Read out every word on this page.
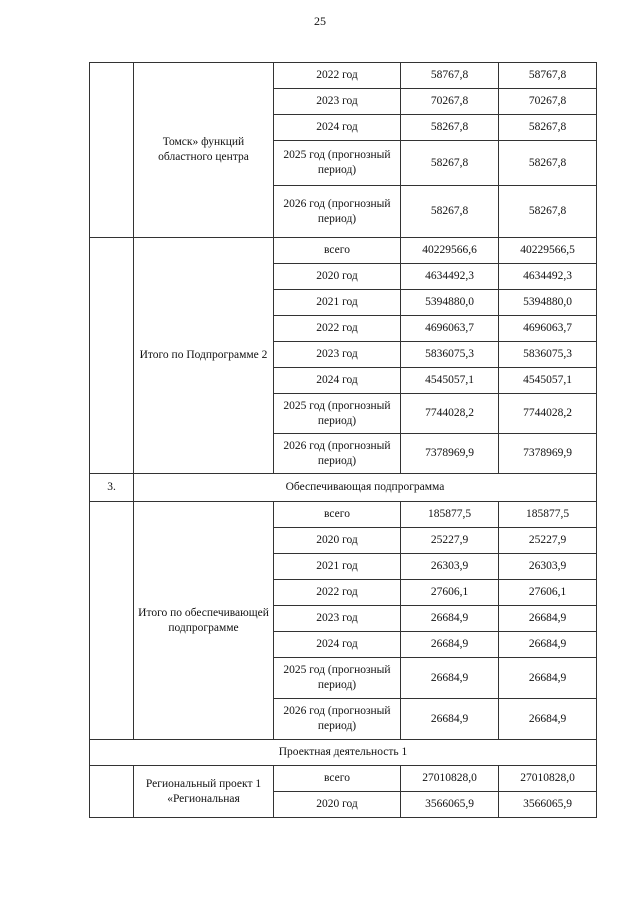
25
	Томск» функций областного центра	2022 год	58767,8	58767,8
		2023 год	70267,8	70267,8
		2024 год	58267,8	58267,8
		2025 год (прогнозный период)	58267,8	58267,8
		2026 год (прогнозный период)	58267,8	58267,8
	Итого по Подпрограмме 2	всего	40229566,6	40229566,5
		2020 год	4634492,3	4634492,3
		2021 год	5394880,0	5394880,0
		2022 год	4696063,7	4696063,7
		2023 год	5836075,3	5836075,3
		2024 год	4545057,1	4545057,1
		2025 год (прогнозный период)	7744028,2	7744028,2
		2026 год (прогнозный период)	7378969,9	7378969,9
3.	Обеспечивающая подпрограмма			
	Итого по обеспечивающей подпрограмме	всего	185877,5	185877,5
		2020 год	25227,9	25227,9
		2021 год	26303,9	26303,9
		2022 год	27606,1	27606,1
		2023 год	26684,9	26684,9
		2024 год	26684,9	26684,9
		2025 год (прогнозный период)	26684,9	26684,9
		2026 год (прогнозный период)	26684,9	26684,9
Проектная деятельность 1				
	Региональный проект 1 «Региональная	всего	27010828,0	27010828,0
		2020 год	3566065,9	3566065,9
